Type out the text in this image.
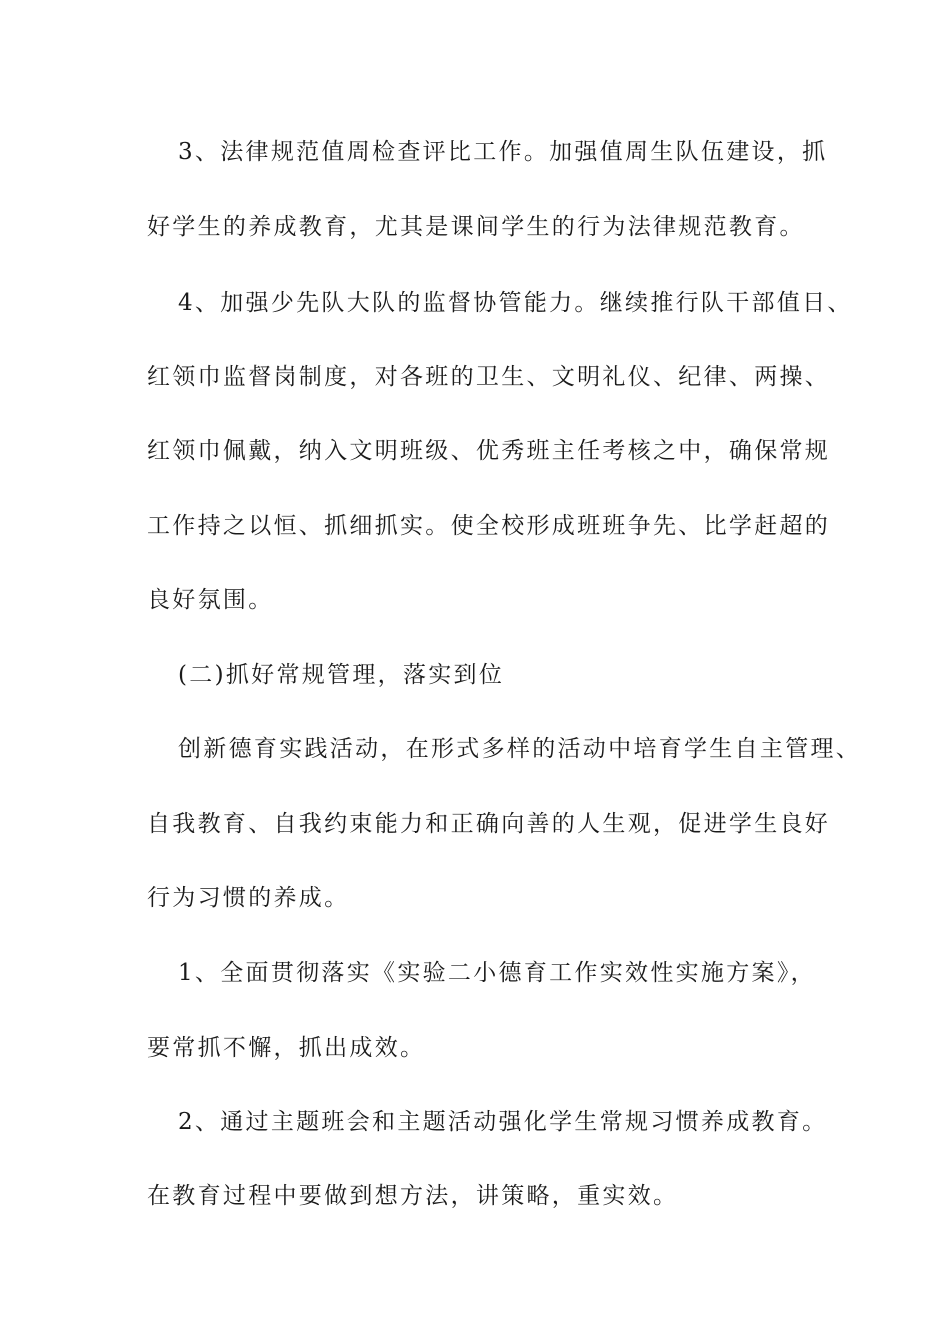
3、法律规范值周检查评比工作。加强值周生队伍建设，抓
好学生的养成教育，尤其是课间学生的行为法律规范教育。
4、加强少先队大队的监督协管能力。继续推行队干部值日、
红领巾监督岗制度，对各班的卫生、文明礼仪、纪律、两操、
红领巾佩戴，纳入文明班级、优秀班主任考核之中，确保常规
工作持之以恒、抓细抓实。使全校形成班班争先、比学赶超的
良好氛围。
(二)抓好常规管理，落实到位
创新德育实践活动，在形式多样的活动中培育学生自主管理、
自我教育、自我约束能力和正确向善的人生观，促进学生良好
行为习惯的养成。
1、全面贯彻落实《实验二小德育工作实效性实施方案》，
要常抓不懈，抓出成效。
2、通过主题班会和主题活动强化学生常规习惯养成教育。
在教育过程中要做到想方法，讲策略，重实效。
